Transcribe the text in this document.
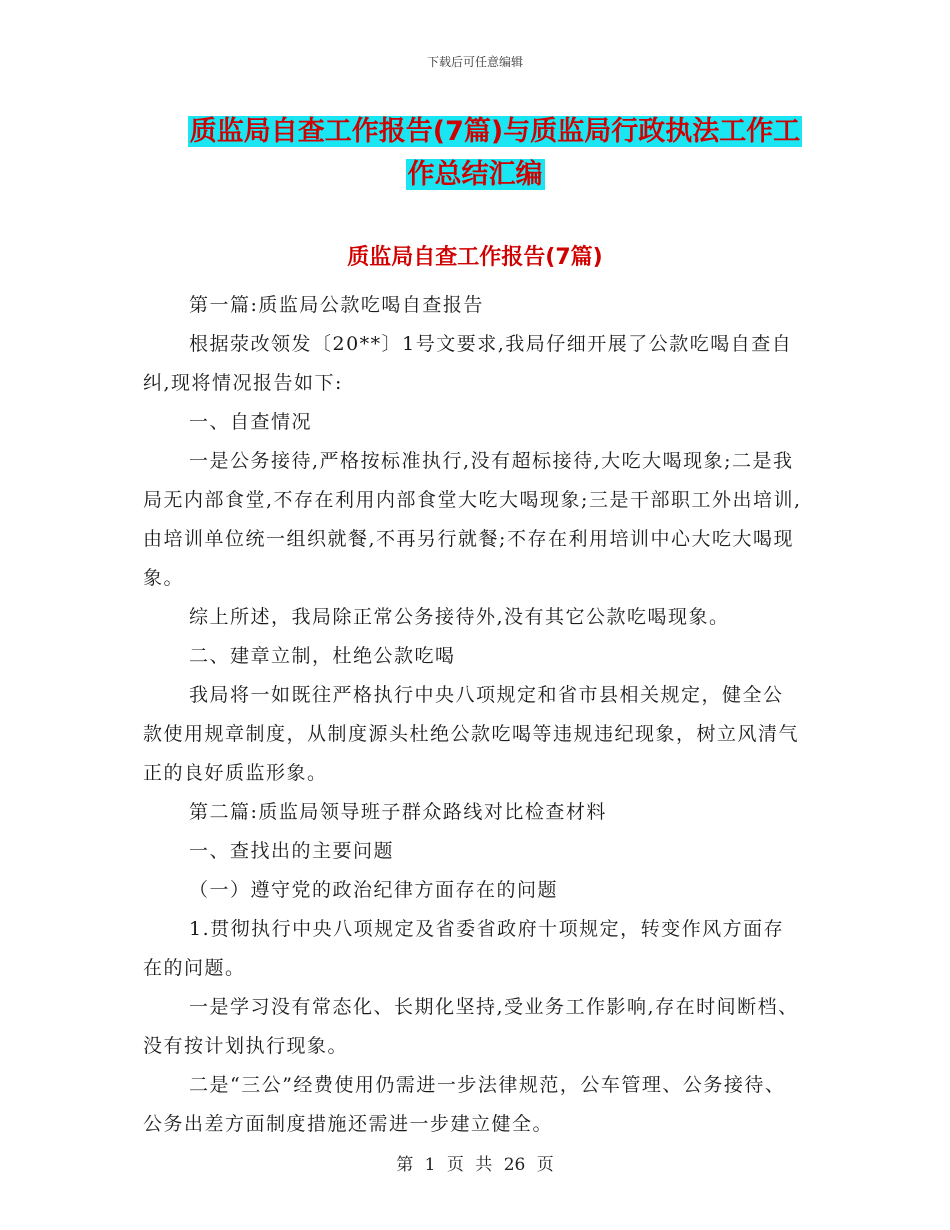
下载后可任意编辑
质监局自查工作报告(7篇)与质监局行政执法工作工
作总结汇编
质监局自查工作报告(7篇)

第一篇:质监局公款吃喝自查报告

根据荥改领发〔20**〕1号文要求,我局仔细开展了公款吃喝自查自纠,现将情况报告如下:

一、自查情况

一是公务接待,严格按标准执行,没有超标接待,大吃大喝现象;二是我局无内部食堂,不存在利用内部食堂大吃大喝现象;三是干部职工外出培训,由培训单位统一组织就餐,不再另行就餐;不存在利用培训中心大吃大喝现象。

综上所述，我局除正常公务接待外,没有其它公款吃喝现象。

二、建章立制，杜绝公款吃喝

我局将一如既往严格执行中央八项规定和省市县相关规定，健全公款使用规章制度，从制度源头杜绝公款吃喝等违规违纪现象，树立风清气正的良好质监形象。

第二篇:质监局领导班子群众路线对比检查材料

一、查找出的主要问题

（一）遵守党的政治纪律方面存在的问题

1.贯彻执行中央八项规定及省委省政府十项规定，转变作风方面存在的问题。

一是学习没有常态化、长期化坚持,受业务工作影响,存在时间断档、没有按计划执行现象。

二是“三公”经费使用仍需进一步法律规范，公车管理、公务接待、公务出差方面制度措施还需进一步建立健全。

第 1 页 共 26 页
